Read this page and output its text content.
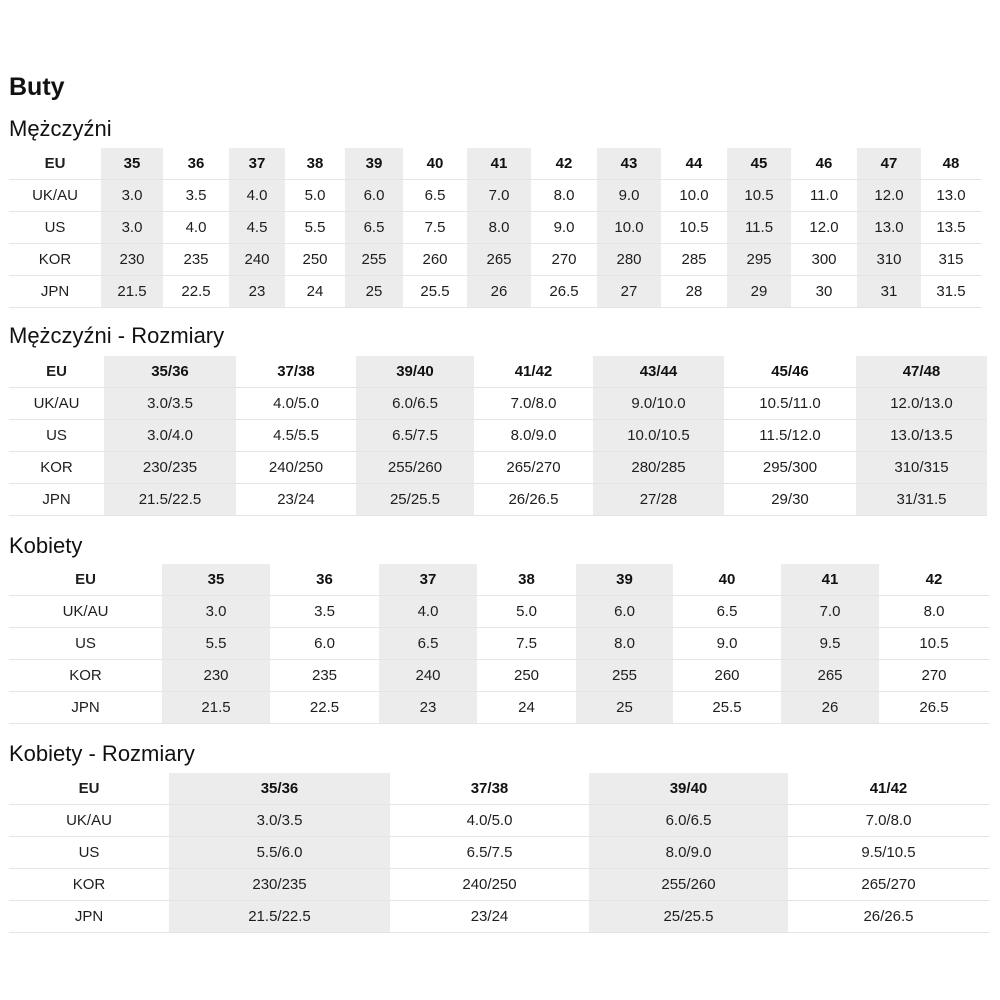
Buty
Mężczyźni
EU	35	36	37	38	39	40	41	42	43	44	45	46	47	48
UK/AU	3.0	3.5	4.0	5.0	6.0	6.5	7.0	8.0	9.0	10.0	10.5	11.0	12.0	13.0
US	3.0	4.0	4.5	5.5	6.5	7.5	8.0	9.0	10.0	10.5	11.5	12.0	13.0	13.5
KOR	230	235	240	250	255	260	265	270	280	285	295	300	310	315
JPN	21.5	22.5	23	24	25	25.5	26	26.5	27	28	29	30	31	31.5
Mężczyźni - Rozmiary
EU	35/36	37/38	39/40	41/42	43/44	45/46	47/48
UK/AU	3.0/3.5	4.0/5.0	6.0/6.5	7.0/8.0	9.0/10.0	10.5/11.0	12.0/13.0
US	3.0/4.0	4.5/5.5	6.5/7.5	8.0/9.0	10.0/10.5	11.5/12.0	13.0/13.5
KOR	230/235	240/250	255/260	265/270	280/285	295/300	310/315
JPN	21.5/22.5	23/24	25/25.5	26/26.5	27/28	29/30	31/31.5
Kobiety
EU	35	36	37	38	39	40	41	42
UK/AU	3.0	3.5	4.0	5.0	6.0	6.5	7.0	8.0
US	5.5	6.0	6.5	7.5	8.0	9.0	9.5	10.5
KOR	230	235	240	250	255	260	265	270
JPN	21.5	22.5	23	24	25	25.5	26	26.5
Kobiety - Rozmiary
EU	35/36	37/38	39/40	41/42
UK/AU	3.0/3.5	4.0/5.0	6.0/6.5	7.0/8.0
US	5.5/6.0	6.5/7.5	8.0/9.0	9.5/10.5
KOR	230/235	240/250	255/260	265/270
JPN	21.5/22.5	23/24	25/25.5	26/26.5
